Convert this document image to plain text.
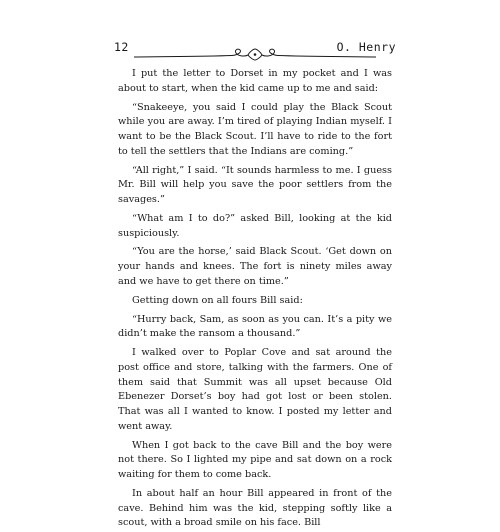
12	O. Henry

I put the letter to Dorset in my pocket and I was about to start, when the kid came up to me and said:

“Snakeeye, you said I could play the Black Scout while you are away. I’m tired of playing Indian myself. I want to be the Black Scout. I’ll have to ride to the fort to tell the settlers that the Indians are coming.”

“All right,” I said. “It sounds harmless to me. I guess Mr. Bill will help you save the poor settlers from the savages.”

“What am I to do?” asked Bill, looking at the kid suspiciously.

“You are the horse,’ said Black Scout. ‘Get down on your hands and knees. The fort is ninety miles away and we have to get there on time.”

Getting down on all fours Bill said:

“Hurry back, Sam, as soon as you can. It’s a pity we didn’t make the ransom a thousand.”

I walked over to Poplar Cove and sat around the post office and store, talking with the farmers. One of them said that Summit was all upset because Old Ebenezer Dorset’s boy had got lost or been stolen. That was all I wanted to know. I posted my letter and went away.

When I got back to the cave Bill and the boy were not there. So I lighted my pipe and sat down on a rock waiting for them to come back.

In about half an hour Bill appeared in front of the cave. Behind him was the kid, stepping softly like a scout, with a broad smile on his face. Bill
